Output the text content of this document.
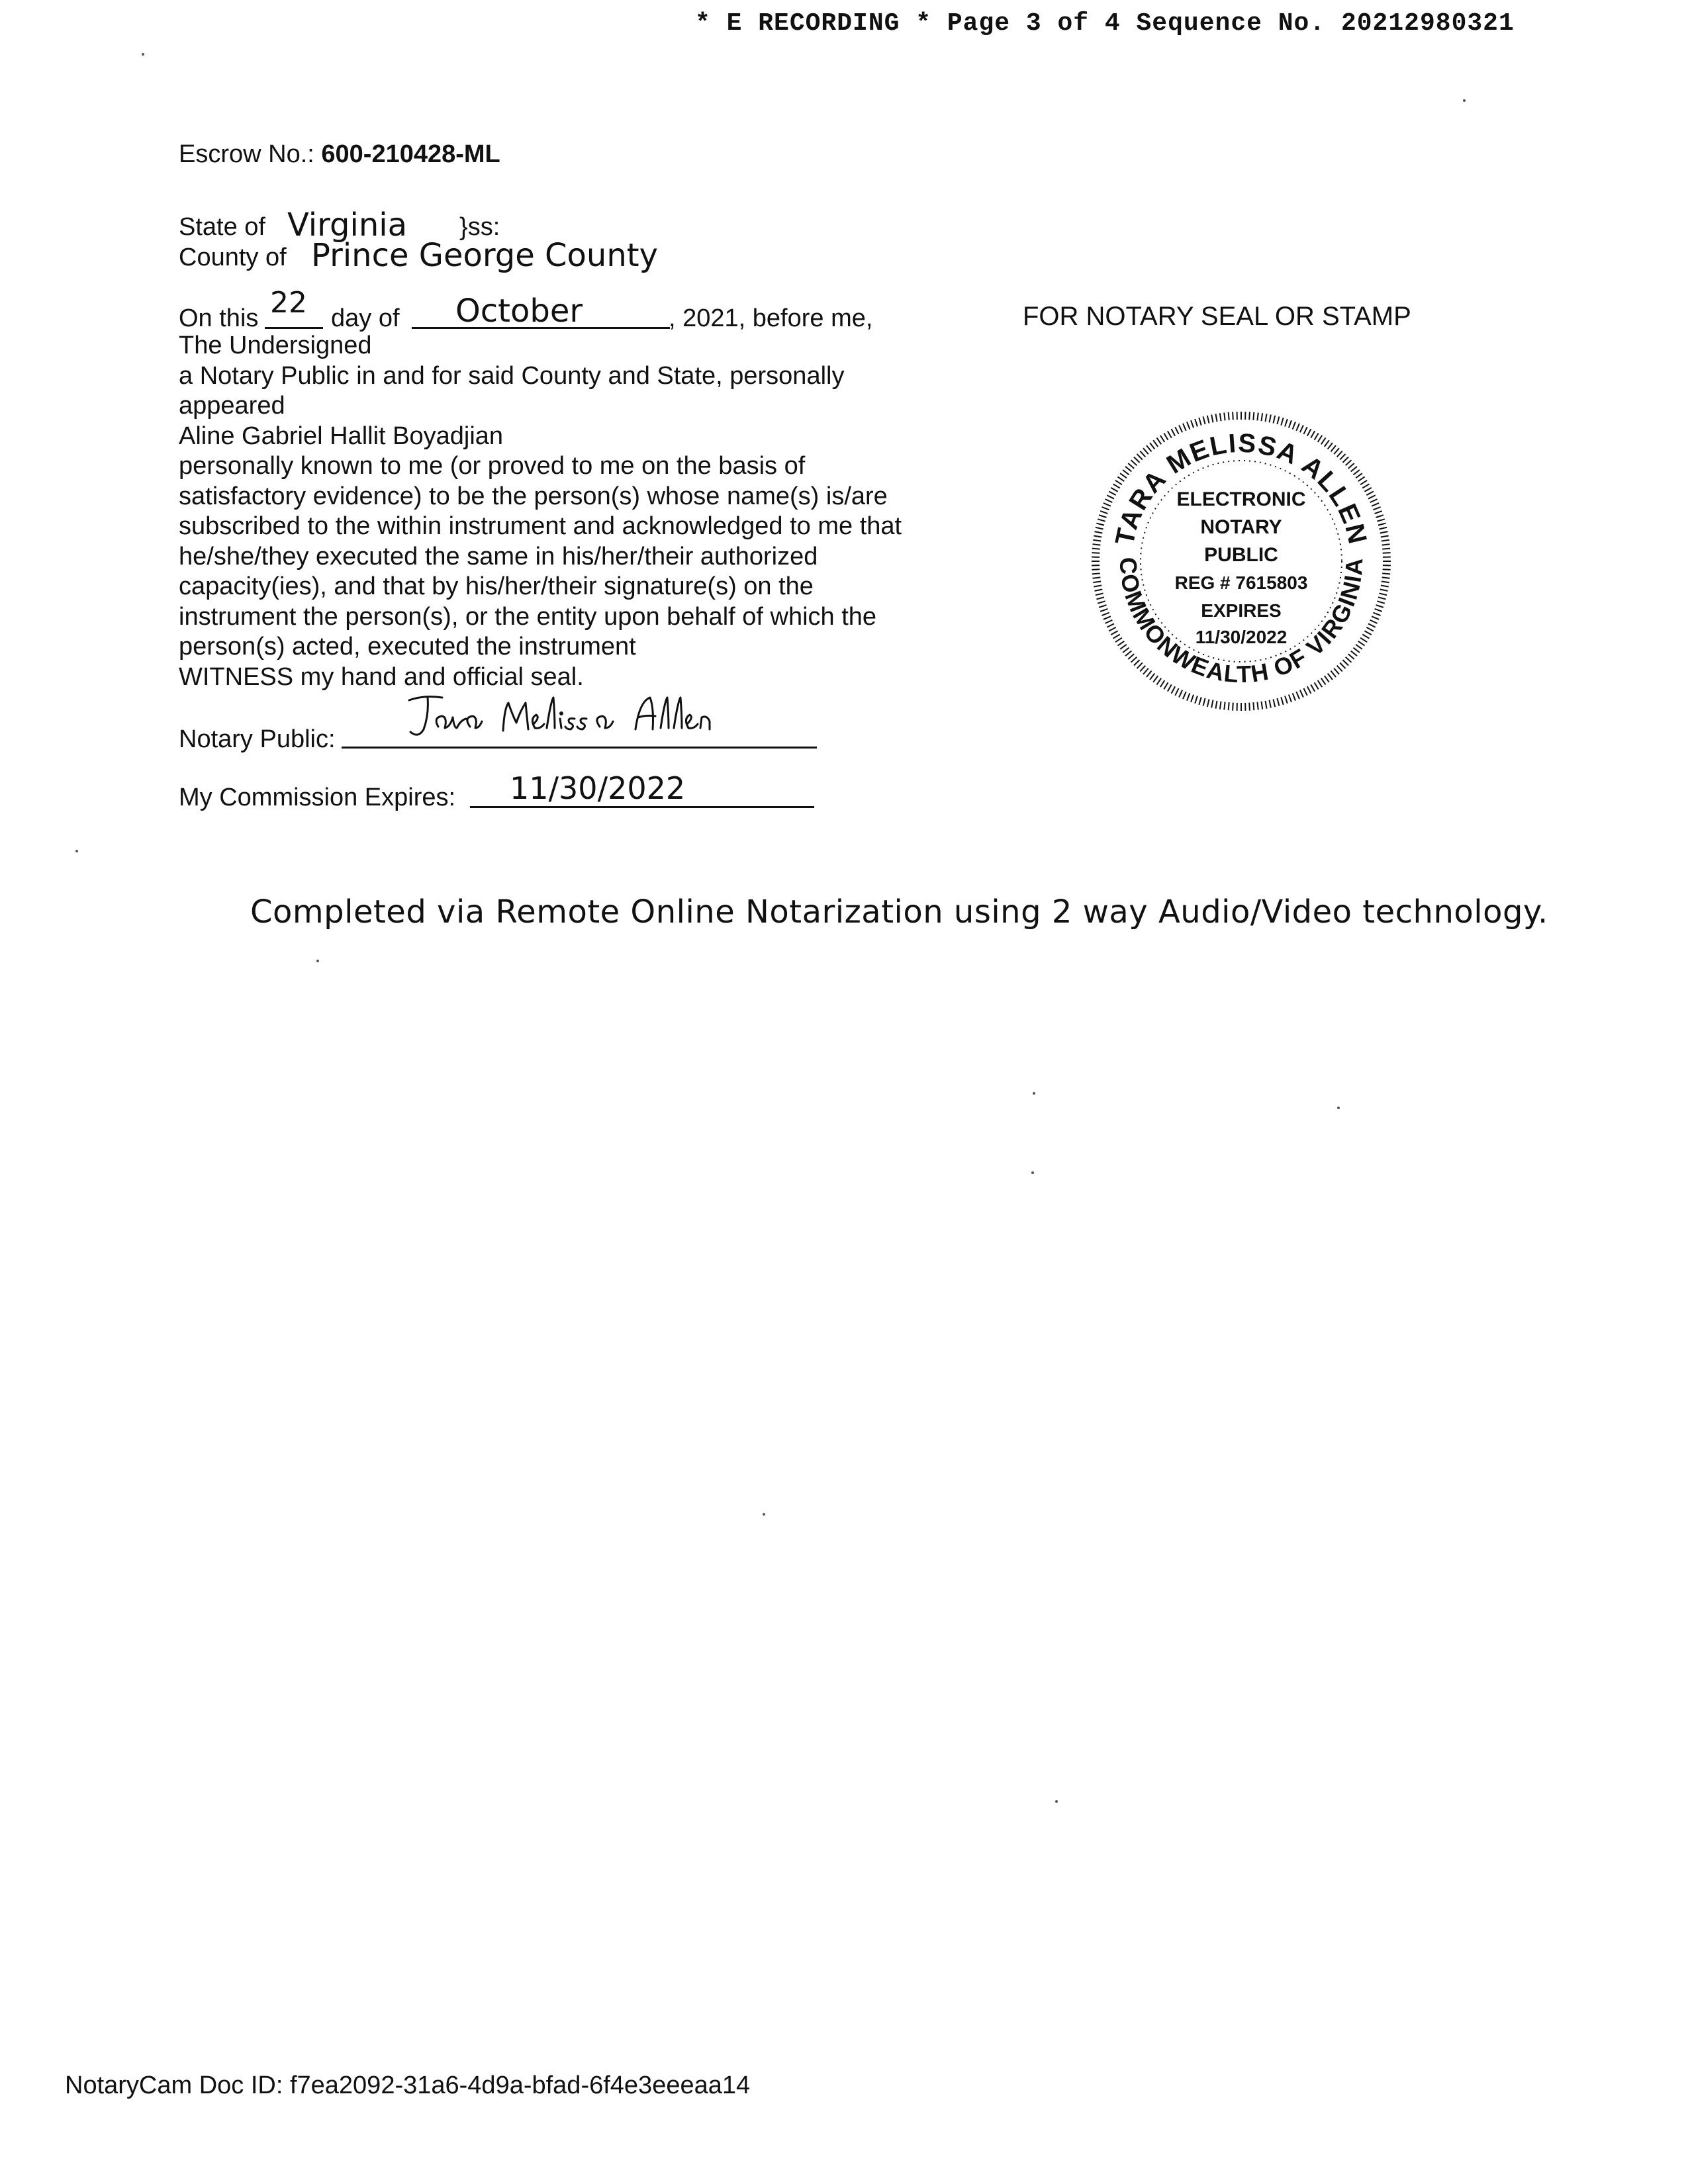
* E RECORDING * Page 3 of 4 Sequence No. 20212980321
Escrow No.: 600-210428-ML
State of Virginia }ss:
County of Prince George County
On this 22 day of October	, 2021, before me,
The Undersigned
a Notary Public in and for said County and State, personally
appeared
Aline Gabriel Hallit Boyadjian
personally known to me (or proved to me on the basis of
satisfactory evidence) to be the person(s) whose name(s) is/are
subscribed to the within instrument and acknowledged to me that
he/she/they executed the same in his/her/their authorized
capacity(ies), and that by his/her/their signature(s) on the
instrument the person(s), or the entity upon behalf of which the
person(s) acted, executed the instrument
WITNESS my hand and official seal.
Notary Public:
My Commission Expires: 11/30/2022
FOR NOTARY SEAL OR STAMP
TARA MELISSA ALLEN
COMMONWEALTH OF VIRGINIA
ELECTRONIC
NOTARY
PUBLIC
REG # 7615803
EXPIRES
11/30/2022
Completed via Remote Online Notarization using 2 way Audio/Video technology.
NotaryCam Doc ID: f7ea2092-31a6-4d9a-bfad-6f4e3eeeaa14
